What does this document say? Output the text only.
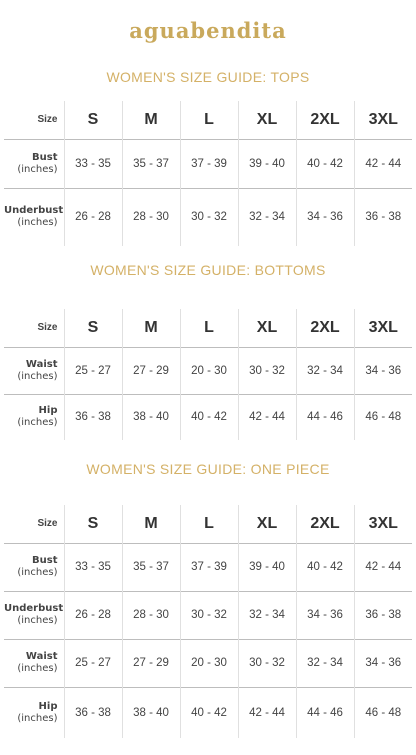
aguabendita
WOMEN'S SIZE GUIDE: TOPS
Size	S	M	L	XL	2XL	3XL

Bust
(inches)	33 - 35	35 - 37	37 - 39	39 - 40	40 - 42	42 - 44

Underbust
(inches)	26 - 28	28 - 30	30 - 32	32 - 34	34 - 36	36 - 38
WOMEN'S SIZE GUIDE: BOTTOMS
Size	S	M	L	XL	2XL	3XL

Waist
(inches)	25 - 27	27 - 29	20 - 30	30 - 32	32 - 34	34 - 36

Hip
(inches)	36 - 38	38 - 40	40 - 42	42 - 44	44 - 46	46 - 48
WOMEN'S SIZE GUIDE: ONE PIECE
Size	S	M	L	XL	2XL	3XL

Bust
(inches)	33 - 35	35 - 37	37 - 39	39 - 40	40 - 42	42 - 44

Underbust
(inches)	26 - 28	28 - 30	30 - 32	32 - 34	34 - 36	36 - 38

Waist
(inches)	25 - 27	27 - 29	20 - 30	30 - 32	32 - 34	34 - 36

Hip
(inches)	36 - 38	38 - 40	40 - 42	42 - 44	44 - 46	46 - 48
